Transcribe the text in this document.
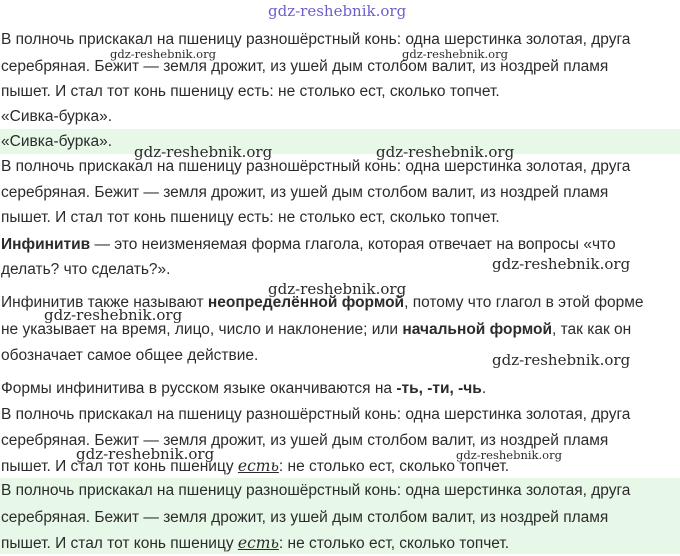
gdz-reshebnik.org
gdz-reshebnik.org	gdz-reshebnik.org
gdz-reshebnik.org	gdz-reshebnik.org
gdz-reshebnik.org
gdz-reshebnik.org
gdz-reshebnik.org
gdz-reshebnik.org
gdz-reshebnik.org	gdz-reshebnik.org
В полночь прискакал на пшеницу разношёрстный конь: одна шерстинка золотая, друга
серебряная. Бежит — земля дрожит, из ушей дым столбом валит, из ноздрей пламя
пышет. И стал тот конь пшеницу есть: не столько ест, сколько топчет.
«Сивка-бурка».
«Сивка-бурка».
В полночь прискакал на пшеницу разношёрстный конь: одна шерстинка золотая, друга
серебряная. Бежит — земля дрожит, из ушей дым столбом валит, из ноздрей пламя
пышет. И стал тот конь пшеницу есть: не столько ест, сколько топчет.
Инфинитив — это неизменяемая форма глагола, которая отвечает на вопросы «что
делать? что сделать?».
Инфинитив также называют неопределённой формой, потому что глагол в этой форме
не указывает на время, лицо, число и наклонение; или начальной формой, так как он
обозначает самое общее действие.
Формы инфинитива в русском языке оканчиваются на -ть, -ти, -чь.
В полночь прискакал на пшеницу разношёрстный конь: одна шерстинка золотая, друга
серебряная. Бежит — земля дрожит, из ушей дым столбом валит, из ноздрей пламя
пышет. И стал тот конь пшеницу есть: не столько ест, сколько топчет.
В полночь прискакал на пшеницу разношёрстный конь: одна шерстинка золотая, друга
серебряная. Бежит — земля дрожит, из ушей дым столбом валит, из ноздрей пламя
пышет. И стал тот конь пшеницу есть: не столько ест, сколько топчет.
